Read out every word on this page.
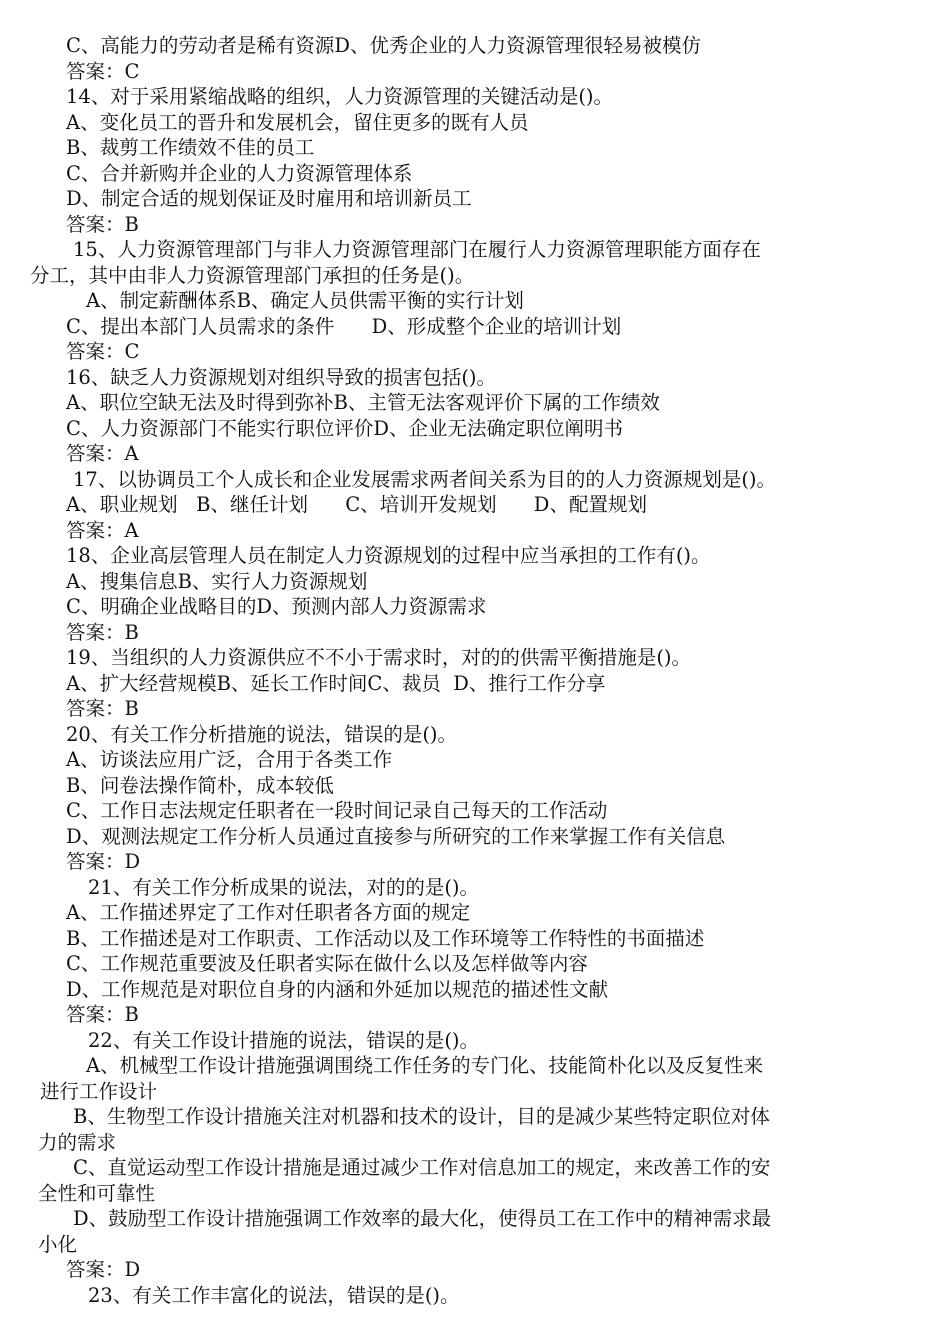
C、高能力的劳动者是稀有资源D、优秀企业的人力资源管理很轻易被模仿
答案：C
14、对于采用紧缩战略的组织，人力资源管理的关键活动是()。
A、变化员工的晋升和发展机会，留住更多的既有人员
B、裁剪工作绩效不佳的员工
C、合并新购并企业的人力资源管理体系
D、制定合适的规划保证及时雇用和培训新员工
答案：B
15、人力资源管理部门与非人力资源管理部门在履行人力资源管理职能方面存在
分工，其中由非人力资源管理部门承担的任务是()。
A、制定薪酬体系B、确定人员供需平衡的实行计划
C、提出本部门人员需求的条件      D、形成整个企业的培训计划
答案：C
16、缺乏人力资源规划对组织导致的损害包括()。
A、职位空缺无法及时得到弥补B、主管无法客观评价下属的工作绩效
C、人力资源部门不能实行职位评价D、企业无法确定职位阐明书
答案：A
17、以协调员工个人成长和企业发展需求两者间关系为目的的人力资源规划是()。
A、职业规划   B、继任计划      C、培训开发规划      D、配置规划
答案：A
18、企业高层管理人员在制定人力资源规划的过程中应当承担的工作有()。
A、搜集信息B、实行人力资源规划
C、明确企业战略目的D、预测内部人力资源需求
答案：B
19、当组织的人力资源供应不不小于需求时，对的的供需平衡措施是()。
A、扩大经营规模B、延长工作时间C、裁员  D、推行工作分享
答案：B
20、有关工作分析措施的说法，错误的是()。
A、访谈法应用广泛，合用于各类工作
B、问卷法操作简朴，成本较低
C、工作日志法规定任职者在一段时间记录自己每天的工作活动
D、观测法规定工作分析人员通过直接参与所研究的工作来掌握工作有关信息
答案：D
21、有关工作分析成果的说法，对的的是()。
A、工作描述界定了工作对任职者各方面的规定
B、工作描述是对工作职责、工作活动以及工作环境等工作特性的书面描述
C、工作规范重要波及任职者实际在做什么以及怎样做等内容
D、工作规范是对职位自身的内涵和外延加以规范的描述性文献
答案：B
22、有关工作设计措施的说法，错误的是()。
A、机械型工作设计措施强调围绕工作任务的专门化、技能简朴化以及反复性来
进行工作设计
B、生物型工作设计措施关注对机器和技术的设计，目的是减少某些特定职位对体
力的需求
C、直觉运动型工作设计措施是通过减少工作对信息加工的规定，来改善工作的安
全性和可靠性
D、鼓励型工作设计措施强调工作效率的最大化，使得员工在工作中的精神需求最
小化
答案：D
23、有关工作丰富化的说法，错误的是()。
